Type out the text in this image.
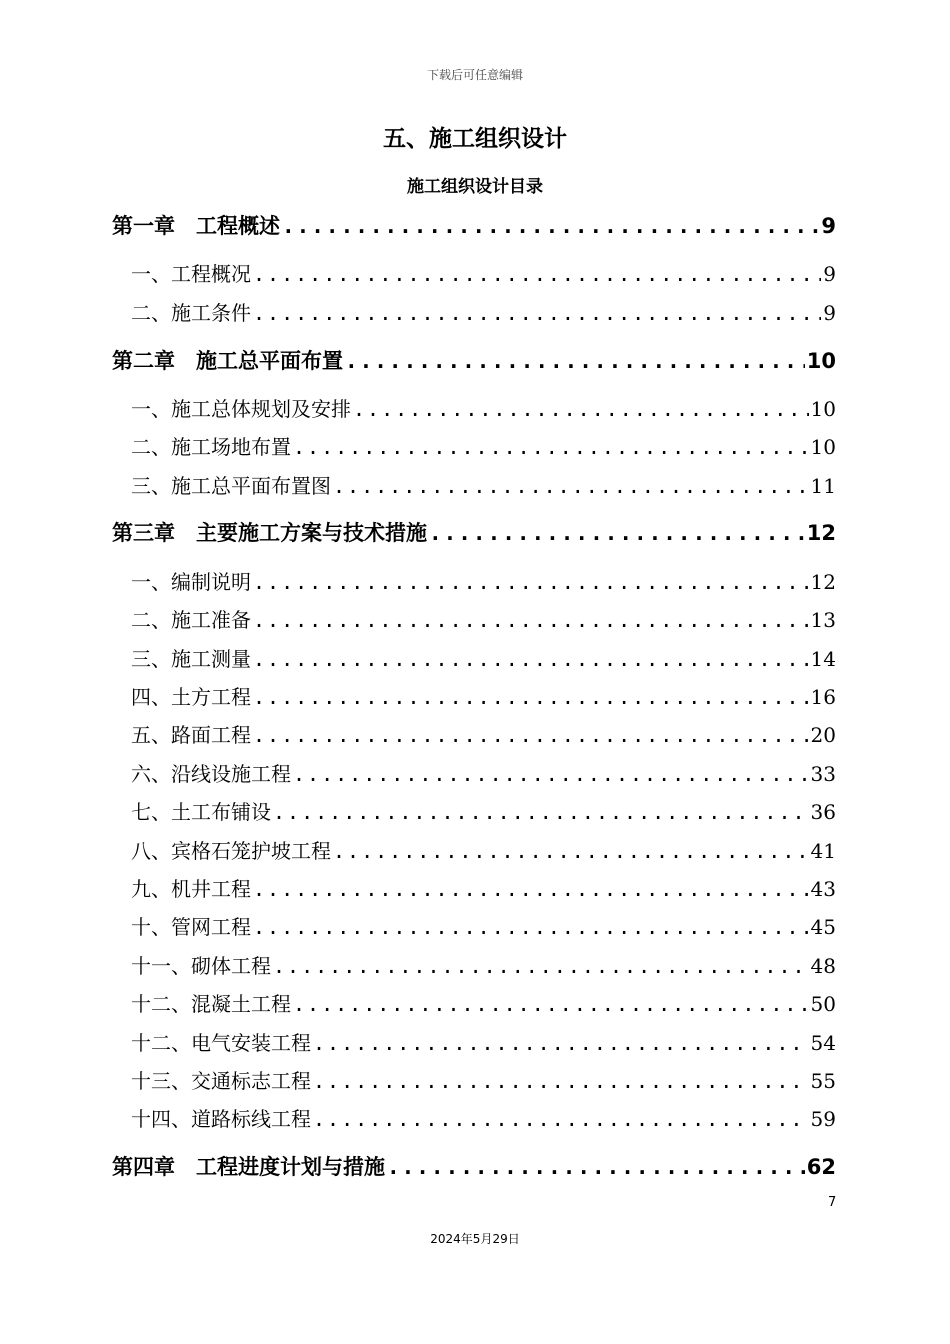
下载后可任意编辑
五、施工组织设计
施工组织设计目录
第一章　工程概述 .....	9
一、工程概况 .....	9
二、施工条件 .....	9
第二章　施工总平面布置 .....	10
一、施工总体规划及安排 .....	10
二、施工场地布置 .....	10
三、施工总平面布置图 .....	11
第三章　主要施工方案与技术措施 .....	12
一、编制说明 .....	12
二、施工准备 .....	13
三、施工测量 .....	14
四、土方工程 .....	16
五、路面工程 .....	20
六、沿线设施工程 .....	33
七、土工布铺设 .....	36
八、宾格石笼护坡工程 .....	41
九、机井工程 .....	43
十、管网工程 .....	45
十一、砌体工程 .....	48
十二、混凝土工程 .....	50
十二、电气安装工程 .....	54
十三、交通标志工程 .....	55
十四、道路标线工程 .....	59
第四章　工程进度计划与措施 .....	62
7
2024年5月29日
